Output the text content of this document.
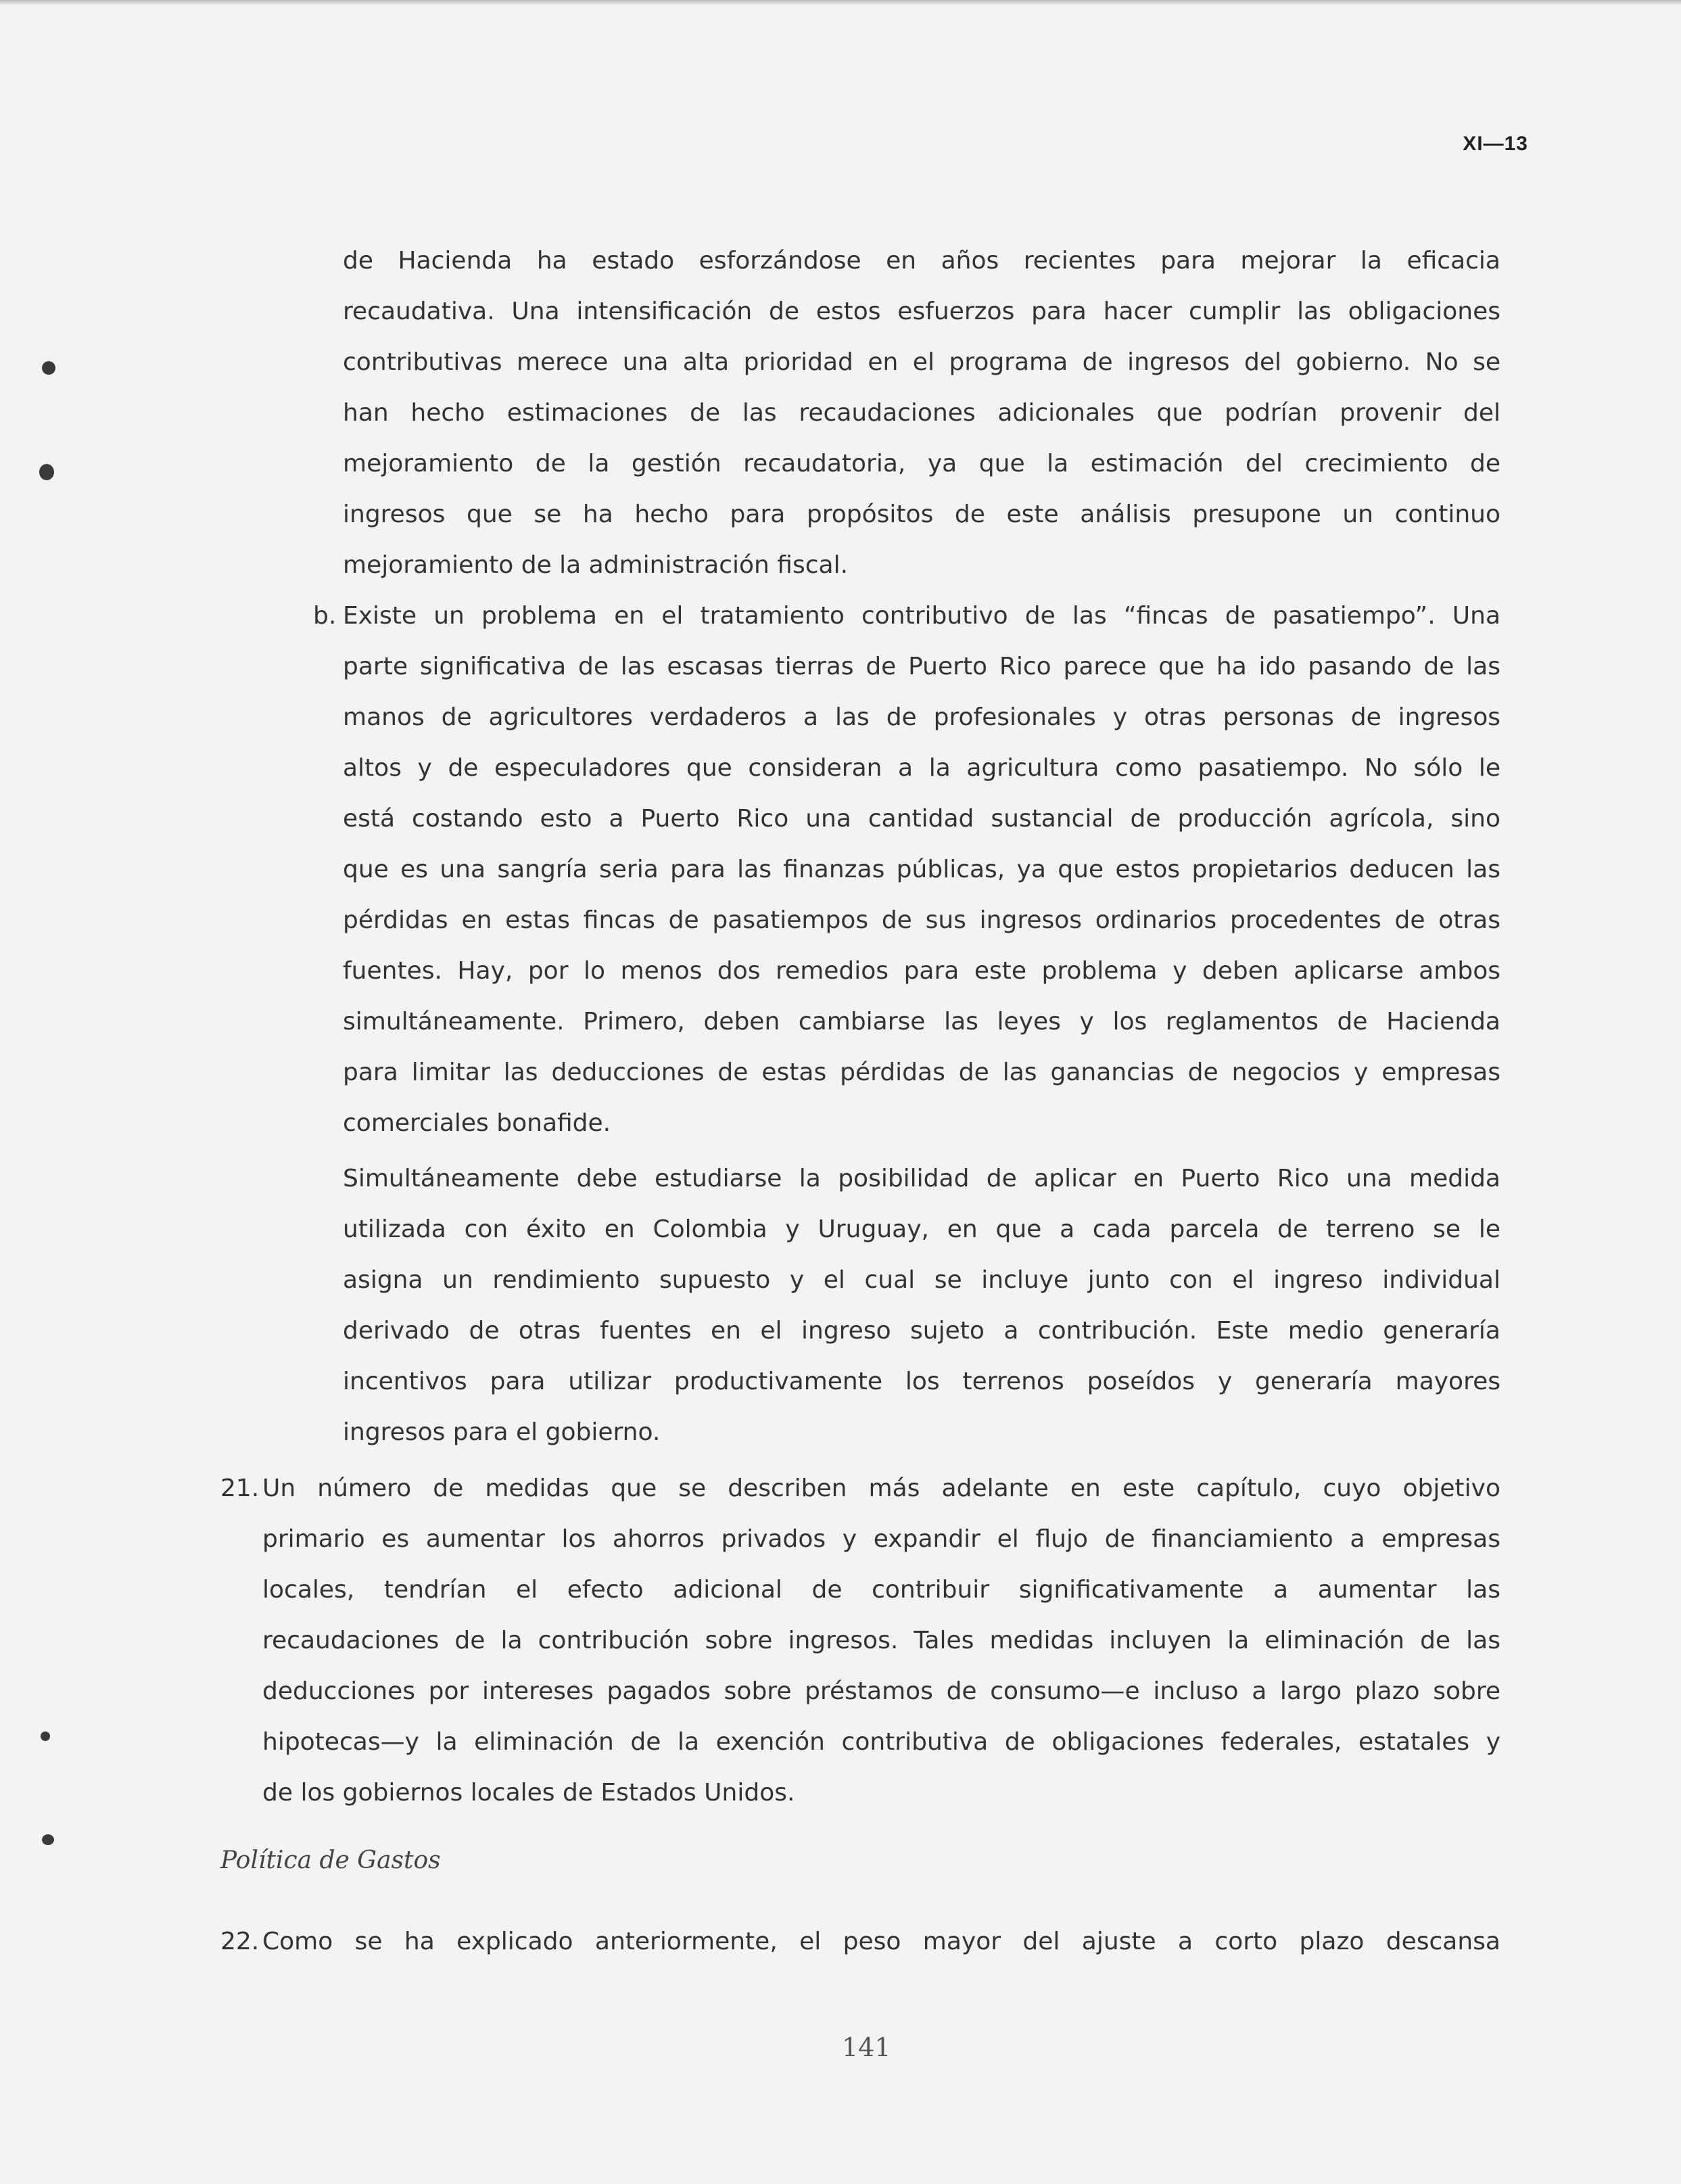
XI—13
de Hacienda ha estado esforzándose en años recientes para mejorar la eficacia
recaudativa. Una intensificación de estos esfuerzos para hacer cumplir las obligaciones
contributivas merece una alta prioridad en el programa de ingresos del gobierno. No se
han hecho estimaciones de las recaudaciones adicionales que podrían provenir del
mejoramiento de la gestión recaudatoria, ya que la estimación del crecimiento de
ingresos que se ha hecho para propósitos de este análisis presupone un continuo
mejoramiento de la administración fiscal.
b. Existe un problema en el tratamiento contributivo de las “fincas de pasatiempo”. Una
parte significativa de las escasas tierras de Puerto Rico parece que ha ido pasando de las
manos de agricultores verdaderos a las de profesionales y otras personas de ingresos
altos y de especuladores que consideran a la agricultura como pasatiempo. No sólo le
está costando esto a Puerto Rico una cantidad sustancial de producción agrícola, sino
que es una sangría seria para las finanzas públicas, ya que estos propietarios deducen las
pérdidas en estas fincas de pasatiempos de sus ingresos ordinarios procedentes de otras
fuentes. Hay, por lo menos dos remedios para este problema y deben aplicarse ambos
simultáneamente. Primero, deben cambiarse las leyes y los reglamentos de Hacienda
para limitar las deducciones de estas pérdidas de las ganancias de negocios y empresas
comerciales bonafide.
Simultáneamente debe estudiarse la posibilidad de aplicar en Puerto Rico una medida
utilizada con éxito en Colombia y Uruguay, en que a cada parcela de terreno se le
asigna un rendimiento supuesto y el cual se incluye junto con el ingreso individual
derivado de otras fuentes en el ingreso sujeto a contribución. Este medio generaría
incentivos para utilizar productivamente los terrenos poseídos y generaría mayores
ingresos para el gobierno.
21. Un número de medidas que se describen más adelante en este capítulo, cuyo objetivo
primario es aumentar los ahorros privados y expandir el flujo de financiamiento a empresas
locales, tendrían el efecto adicional de contribuir significativamente a aumentar las
recaudaciones de la contribución sobre ingresos. Tales medidas incluyen la eliminación de las
deducciones por intereses pagados sobre préstamos de consumo—e incluso a largo plazo sobre
hipotecas—y la eliminación de la exención contributiva de obligaciones federales, estatales y
de los gobiernos locales de Estados Unidos.
Política de Gastos
22. Como se ha explicado anteriormente, el peso mayor del ajuste a corto plazo descansa
141
